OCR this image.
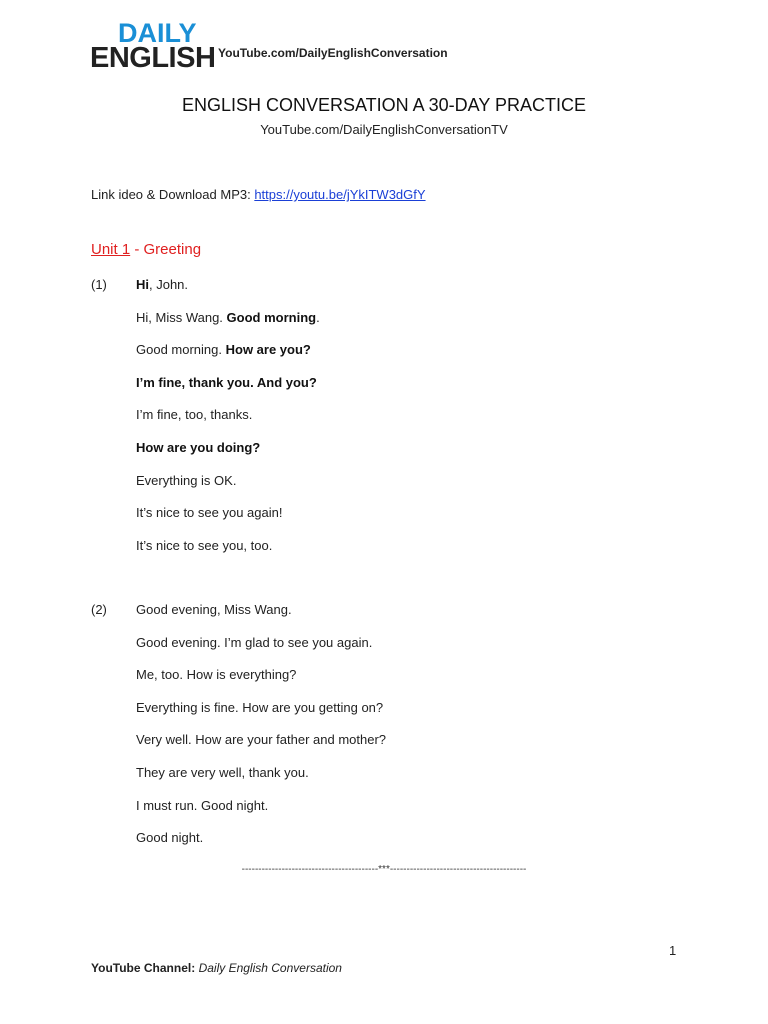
DAILY
ENGLISH YouTube.com/DailyEnglishConversation
ENGLISH CONVERSATION A 30-DAY PRACTICE
YouTube.com/DailyEnglishConversationTV
Link ideo & Download MP3: https://youtu.be/jYkITW3dGfY
Unit 1 - Greeting
(1) Hi, John.
Hi, Miss Wang. Good morning.
Good morning. How are you?
I’m fine, thank you. And you?
I’m fine, too, thanks.
How are you doing?
Everything is OK.
It’s nice to see you again!
It’s nice to see you, too.
(2) Good evening, Miss Wang.
Good evening. I’m glad to see you again.
Me, too. How is everything?
Everything is fine. How are you getting on?
Very well. How are your father and mother?
They are very well, thank you.
I must run. Good night.
Good night.
-----------------------------------------***-----------------------------------------
1
YouTube Channel: Daily English Conversation
